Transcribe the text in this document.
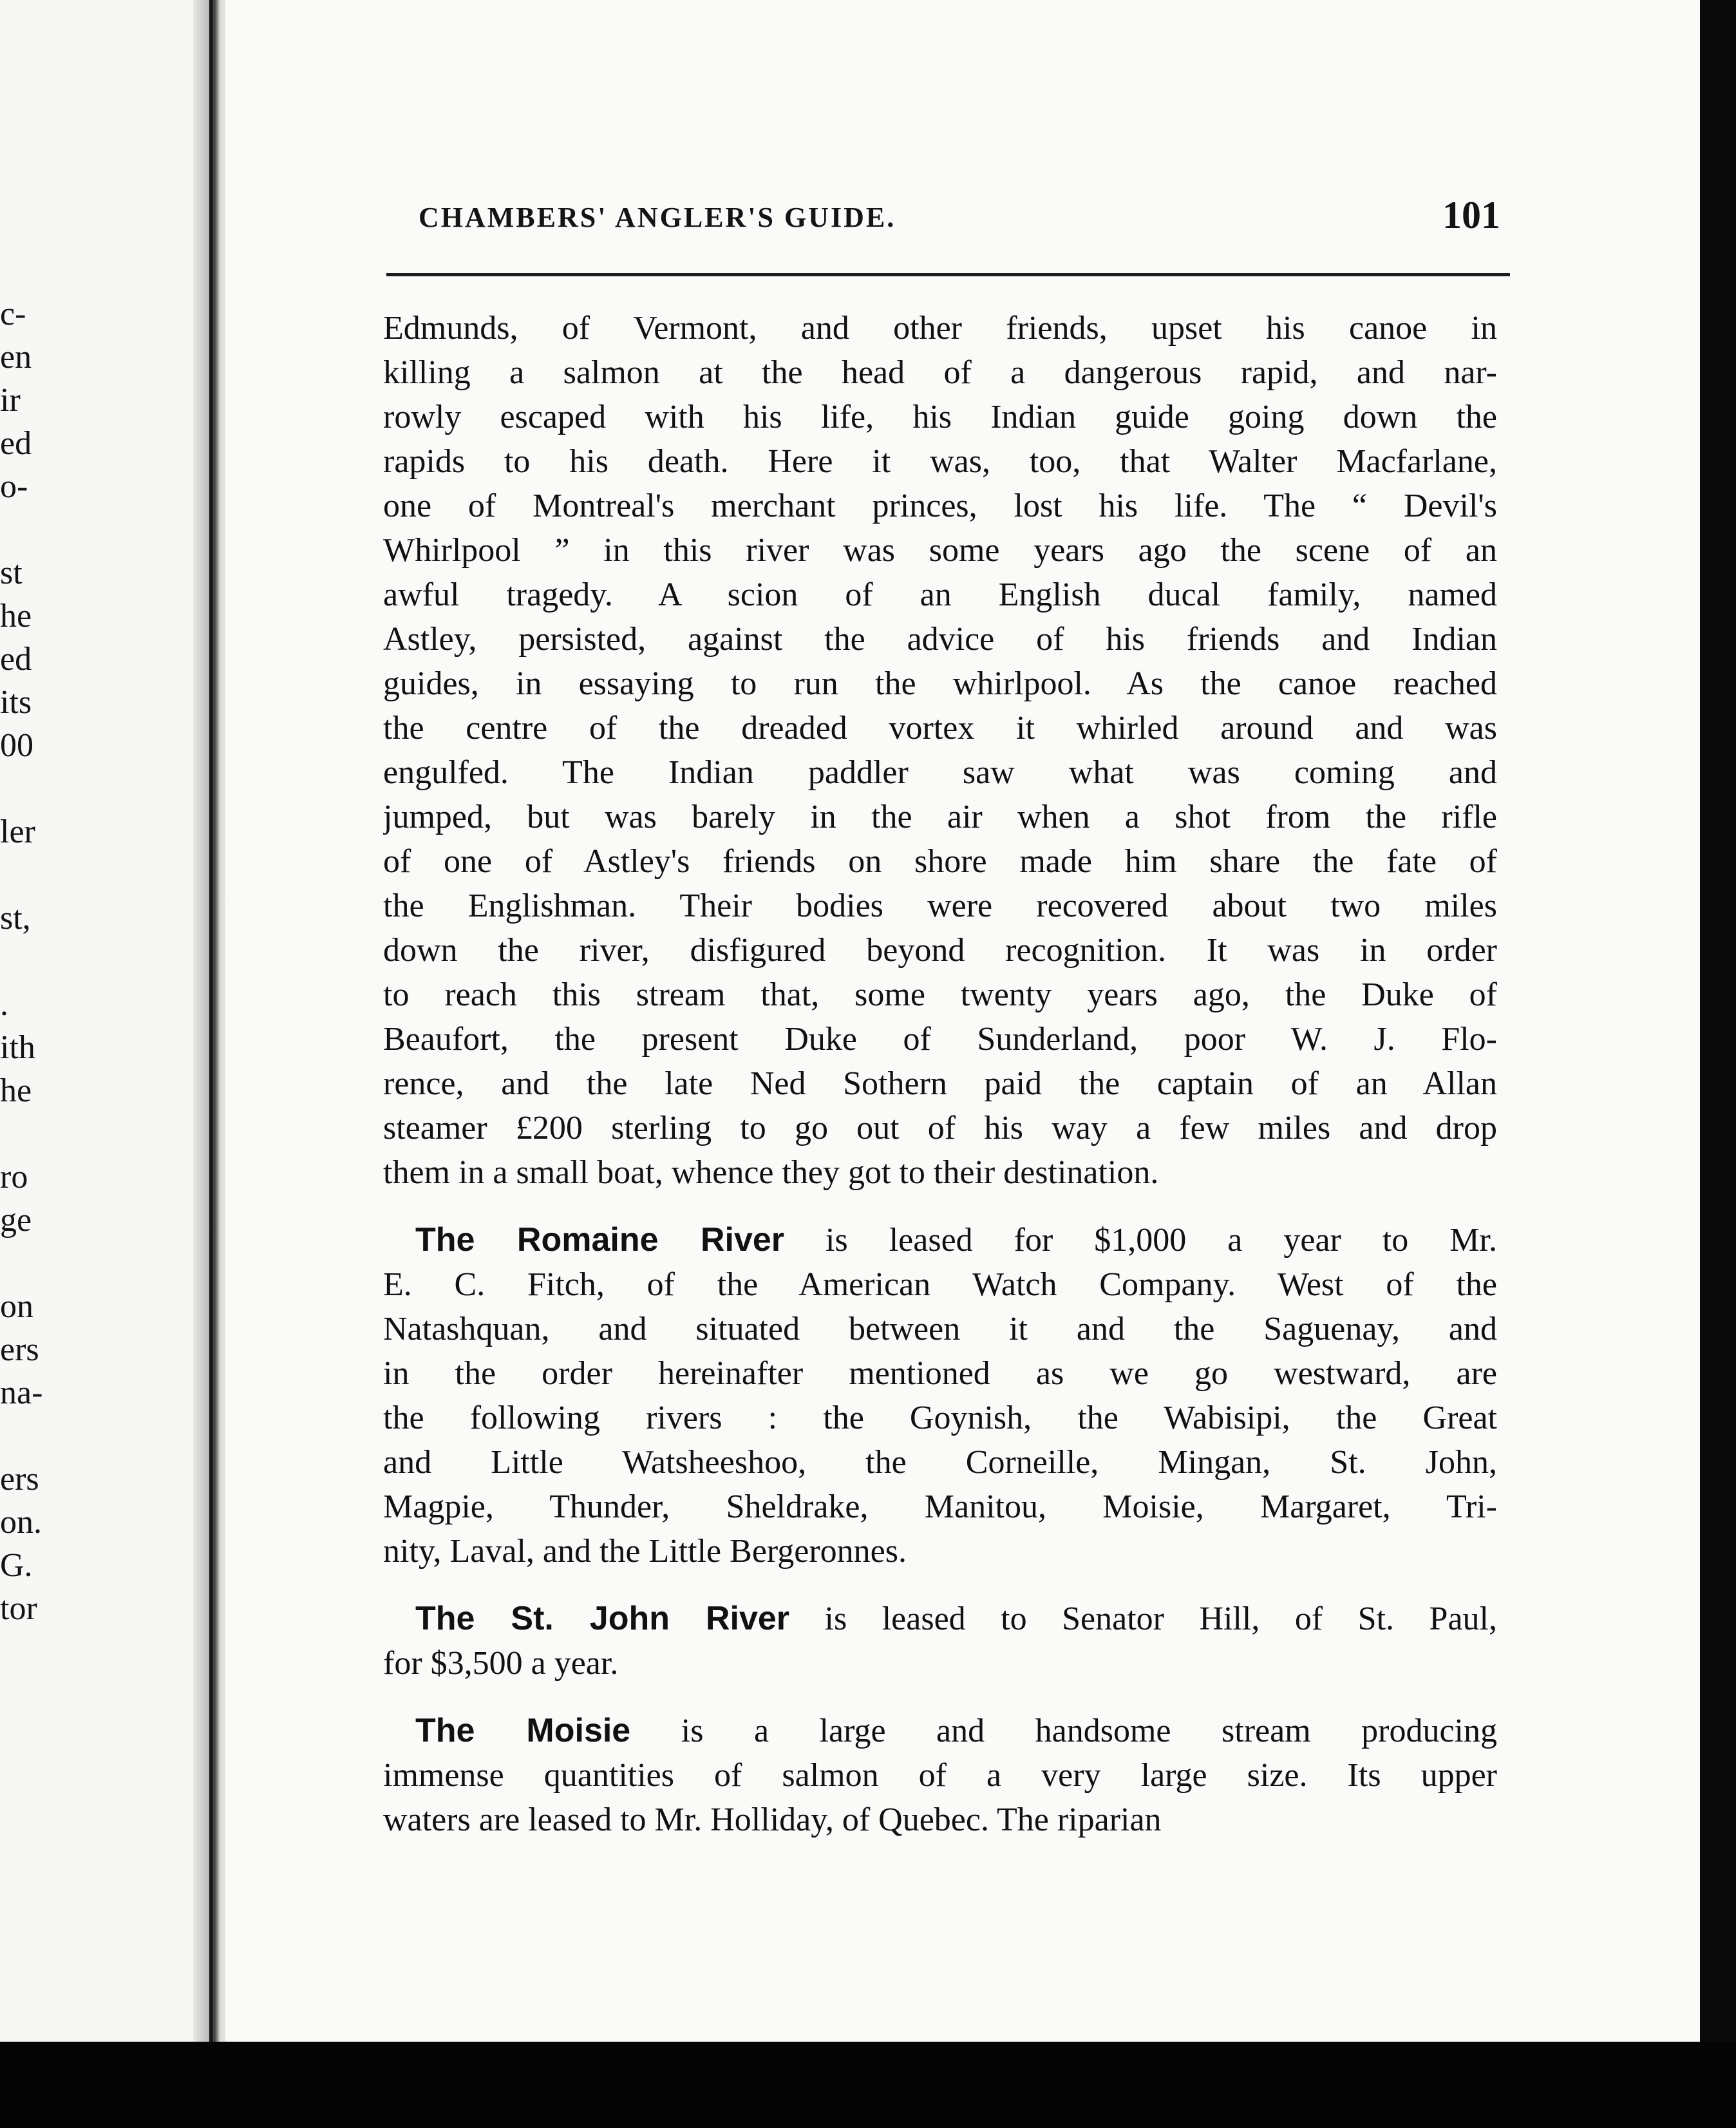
c-
en
ir
ed
o-
st
he
ed
its
00
ler
st,
.
ith
he
ro
ge
on
ers
na-
ers
on.
G.
tor
CHAMBERS' ANGLER'S GUIDE.	101
Edmunds, of Vermont, and other friends, upset his canoe in
killing a salmon at the head of a dangerous rapid, and nar-
rowly escaped with his life, his Indian guide going down the
rapids to his death. Here it was, too, that Walter Macfarlane,
one of Montreal's merchant princes, lost his life. The “ Devil's
Whirlpool ” in this river was some years ago the scene of an
awful tragedy. A scion of an English ducal family, named
Astley, persisted, against the advice of his friends and Indian
guides, in essaying to run the whirlpool. As the canoe reached
the centre of the dreaded vortex it whirled around and was
engulfed. The Indian paddler saw what was coming and
jumped, but was barely in the air when a shot from the rifle
of one of Astley's friends on shore made him share the fate of
the Englishman. Their bodies were recovered about two miles
down the river, disfigured beyond recognition. It was in order
to reach this stream that, some twenty years ago, the Duke of
Beaufort, the present Duke of Sunderland, poor W. J. Flo-
rence, and the late Ned Sothern paid the captain of an Allan
steamer £200 sterling to go out of his way a few miles and drop
them in a small boat, whence they got to their destination.
The Romaine River is leased for $1,000 a year to Mr.
E. C. Fitch, of the American Watch Company. West of the
Natashquan, and situated between it and the Saguenay, and
in the order hereinafter mentioned as we go westward, are
the following rivers : the Goynish, the Wabisipi, the Great
and Little Watsheeshoo, the Corneille, Mingan, St. John,
Magpie, Thunder, Sheldrake, Manitou, Moisie, Margaret, Tri-
nity, Laval, and the Little Bergeronnes.
The St. John River is leased to Senator Hill, of St. Paul,
for $3,500 a year.
The Moisie is a large and handsome stream producing
immense quantities of salmon of a very large size. Its upper
waters are leased to Mr. Holliday, of Quebec. The riparian
